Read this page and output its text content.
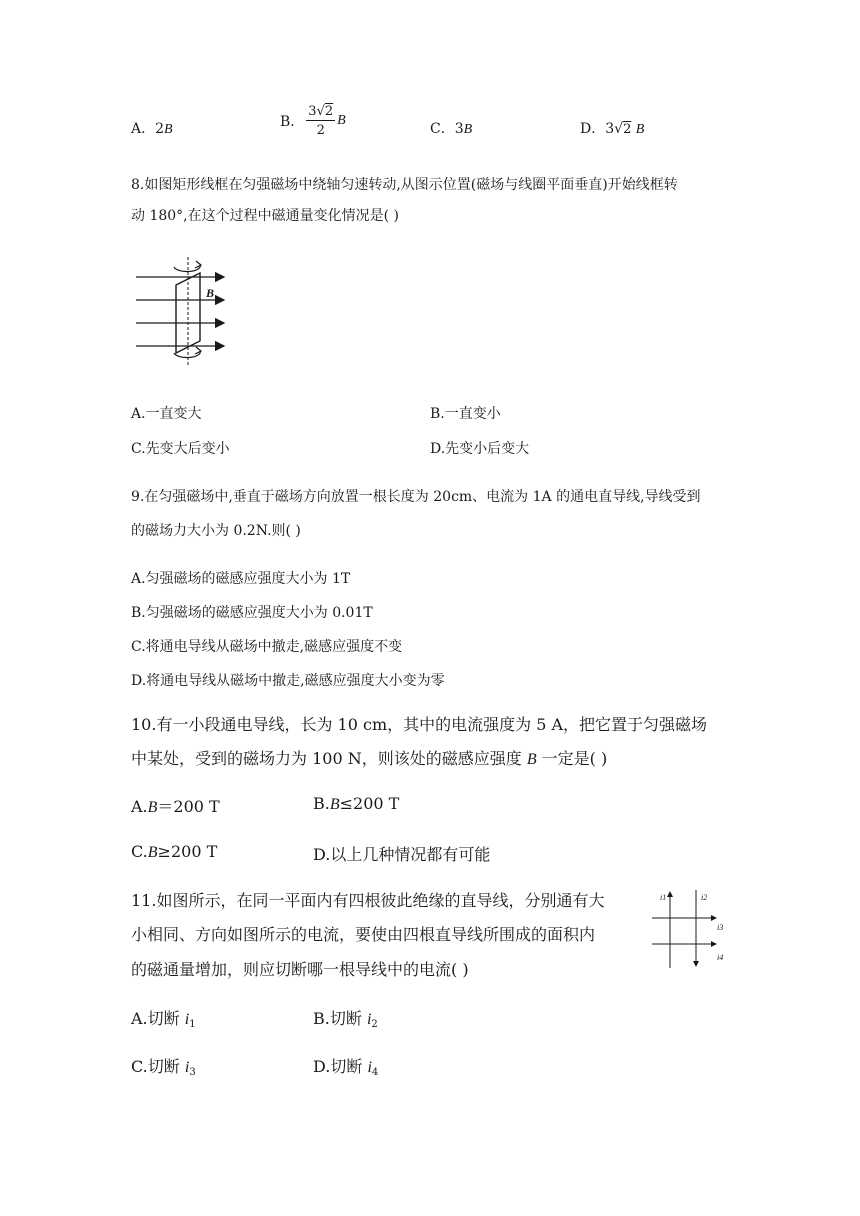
A．2B	B． $\frac{3√2}{2}$ B
C．3B	D．3√2 B
8.如图矩形线框在匀强磁场中绕轴匀速转动,从图示位置(磁场与线圈平面垂直)开始线框转
动 180°,在这个过程中磁通量变化情况是( )
B
A.一直变大	B.一直变小
C.先变大后变小	D.先变小后变大
9.在匀强磁场中,垂直于磁场方向放置一根长度为 20cm、电流为 1A 的通电直导线,导线受到
的磁场力大小为 0.2N.则( )
A.匀强磁场的磁感应强度大小为 1T
B.匀强磁场的磁感应强度大小为 0.01T
C.将通电导线从磁场中撤走,磁感应强度不变
D.将通电导线从磁场中撤走,磁感应强度大小变为零
10.有一小段通电导线，长为 10 cm，其中的电流强度为 5 A，把它置于匀强磁场
中某处，受到的磁场力为 100 N，则该处的磁感应强度 B 一定是( )
A.B＝200 T	B.B≤200 T
C.B≥200 T	D.以上几种情况都有可能
11.如图所示，在同一平面内有四根彼此绝缘的直导线，分别通有大
小相同、方向如图所示的电流，要使由四根直导线所围成的面积内
的磁通量增加，则应切断哪一根导线中的电流( )
i1	i2
i3
i4
A.切断 $i_1$	B.切断 $i_2$
C.切断 $i_3$	D.切断 $i_4$
